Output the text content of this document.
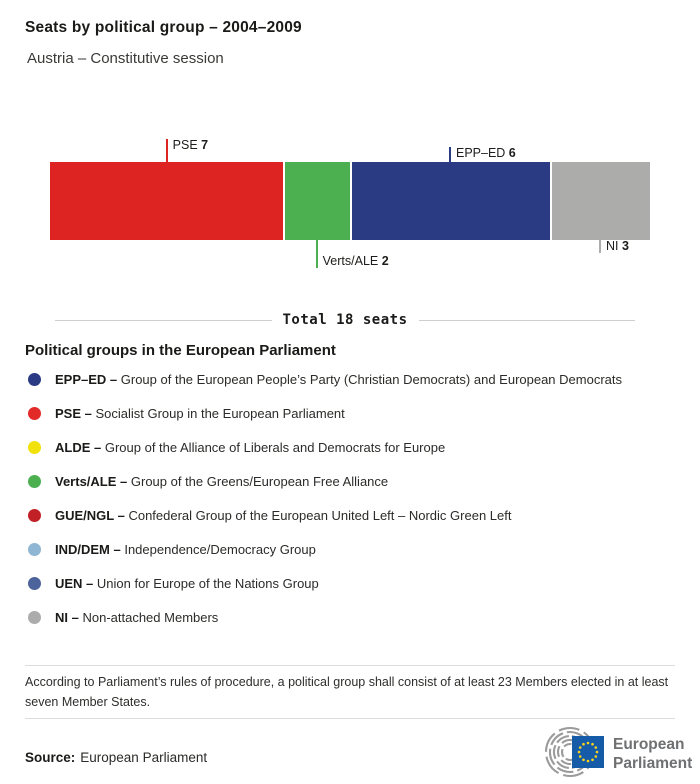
Seats by political group – 2004–2009
Austria – Constitutive session
PSE 7
Verts/ALE 2
EPP–ED 6
NI 3
Total 18 seats
Political groups in the European Parliament
EPP–ED – Group of the European People’s Party (Christian Democrats) and European Democrats
PSE – Socialist Group in the European Parliament
ALDE – Group of the Alliance of Liberals and Democrats for Europe
Verts/ALE – Group of the Greens/European Free Alliance
GUE/NGL – Confederal Group of the European United Left – Nordic Green Left
IND/DEM – Independence/Democracy Group
UEN – Union for Europe of the Nations Group
NI – Non-attached Members
According to Parliament’s rules of procedure, a political group shall consist of at least 23 Members elected in at least seven Member States.
Source: European Parliament
European
Parliament
